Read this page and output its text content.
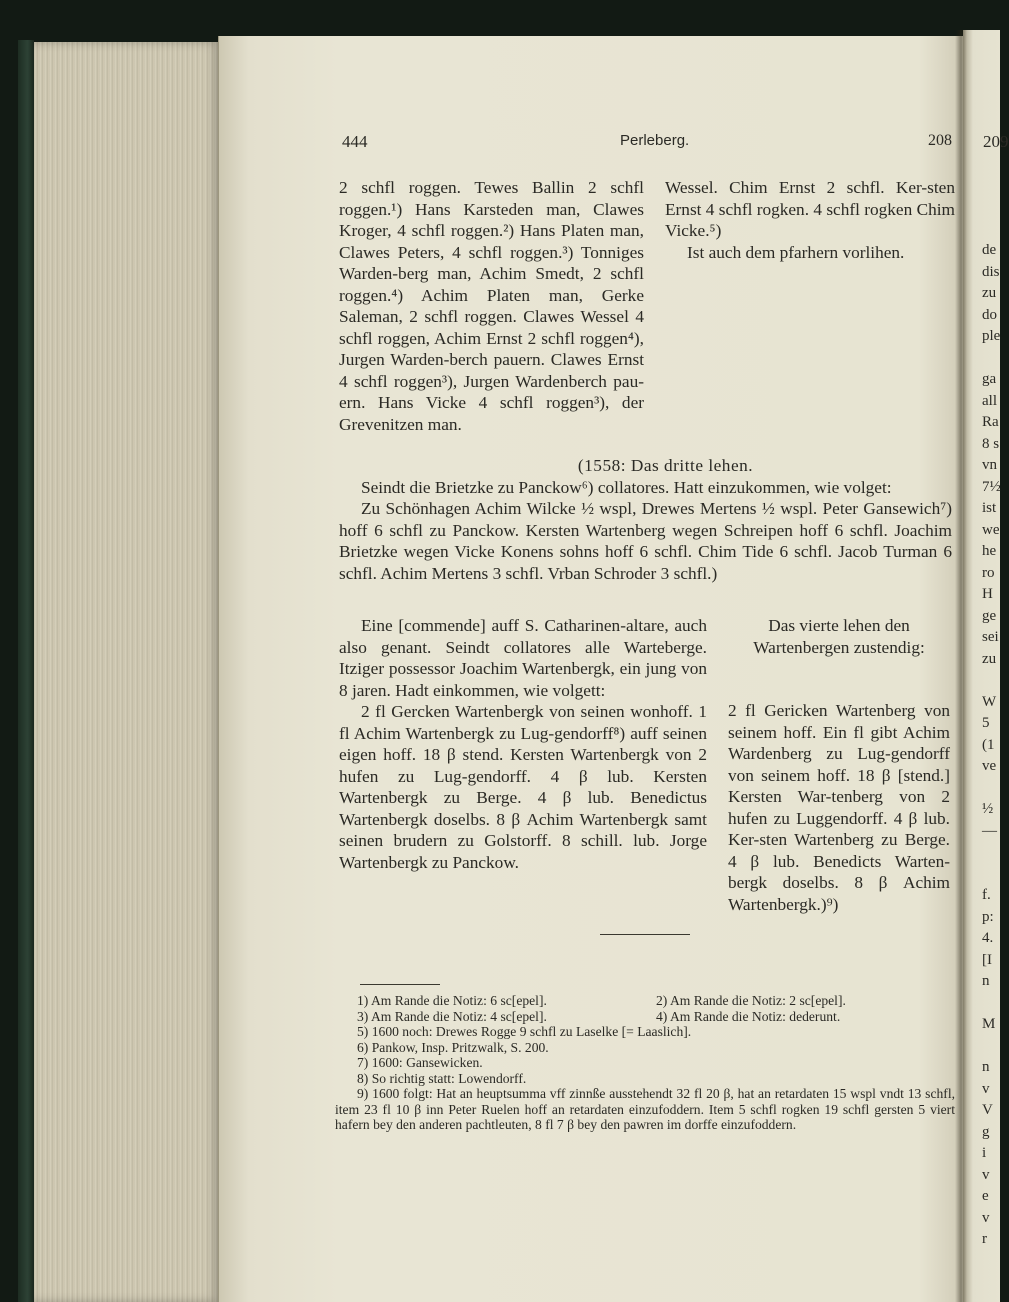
444	Perleberg.	208 209

2 schfl roggen. Tewes Ballin 2 schfl roggen.¹) Hans Karsteden man, Clawes Kroger, 4 schfl roggen.²) Hans Platen man, Clawes Peters, 4 schfl roggen.³) Tonniges Warden-berg man, Achim Smedt, 2 schfl roggen.⁴) Achim Platen man, Gerke Saleman, 2 schfl roggen. Clawes Wessel 4 schfl roggen, Achim Ernst 2 schfl roggen⁴), Jurgen Warden-berch pauern. Clawes Ernst 4 schfl roggen³), Jurgen Wardenberch pau-ern. Hans Vicke 4 schfl roggen³), der Grevenitzen man.

Wessel. Chim Ernst 2 schfl. Ker-sten Ernst 4 schfl rogken. 4 schfl rogken Chim Vicke.⁵)

Ist auch dem pfarhern vorlihen.

(1558: Das dritte lehen.

Seindt die Brietzke zu Panckow⁶) collatores. Hatt einzukommen, wie volget:

Zu Schönhagen Achim Wilcke ½ wspl, Drewes Mertens ½ wspl. Peter Gansewich⁷) hoff 6 schfl zu Panckow. Kersten Wartenberg wegen Schreipen hoff 6 schfl. Joachim Brietzke wegen Vicke Konens sohns hoff 6 schfl. Chim Tide 6 schfl. Jacob Turman 6 schfl. Achim Mertens 3 schfl. Vrban Schroder 3 schfl.)

Eine [commende] auff S. Catharinen-altare, auch also genant. Seindt collatores alle Warteberge. Itziger possessor Joachim Wartenbergk, ein jung von 8 jaren. Hadt einkommen, wie volgett:

2 fl Gercken Wartenbergk von seinen wonhoff. 1 fl Achim Wartenbergk zu Lug-gendorff⁸) auff seinen eigen hoff. 18 β stend. Kersten Wartenbergk von 2 hufen zu Lug-gendorff. 4 β lub. Kersten Wartenbergk zu Berge. 4 β lub. Benedictus Wartenbergk doselbs. 8 β Achim Wartenbergk samt seinen brudern zu Golstorff. 8 schill. lub. Jorge Wartenbergk zu Panckow.

Das vierte lehen den Wartenbergen zustendig:

2 fl Gericken Wartenberg von seinem hoff. Ein fl gibt Achim Wardenberg zu Lug-gendorff von seinem hoff. 18 β [stend.] Kersten War-tenberg von 2 hufen zu Luggendorff. 4 β lub. Ker-sten Wartenberg zu Berge. 4 β lub. Benedicts Warten-bergk doselbs. 8 β Achim Wartenbergk.)⁹)

1) Am Rande die Notiz: 6 sc[epel].	2) Am Rande die Notiz: 2 sc[epel].
3) Am Rande die Notiz: 4 sc[epel].	4) Am Rande die Notiz: dederunt.
5) 1600 noch: Drewes Rogge 9 schfl zu Laselke [= Laaslich].
6) Pankow, Insp. Pritzwalk, S. 200.
7) 1600: Gansewicken.
8) So richtig statt: Lowendorff.
9) 1600 folgt: Hat an heuptsumma vff zinnße ausstehendt 32 fl 20 β, hat an retardaten 15 wspl vndt 13 schfl, item 23 fl 10 β inn Peter Ruelen hoff an retardaten einzufoddern. Item 5 schfl rogken 19 schfl gersten 5 viert hafern bey den anderen pachtleuten, 8 fl 7 β bey den pawren im dorffe einzufoddern.
de
dis
zu
do
ple

ga
all
Ra
8 s
vn
7½
ist
we
he
ro
H
ge
sei
zu

W
5
(1
ve

½
—

f.
p:
4.
[I
n

M

n
v
V
g
i
v
e
v
r
